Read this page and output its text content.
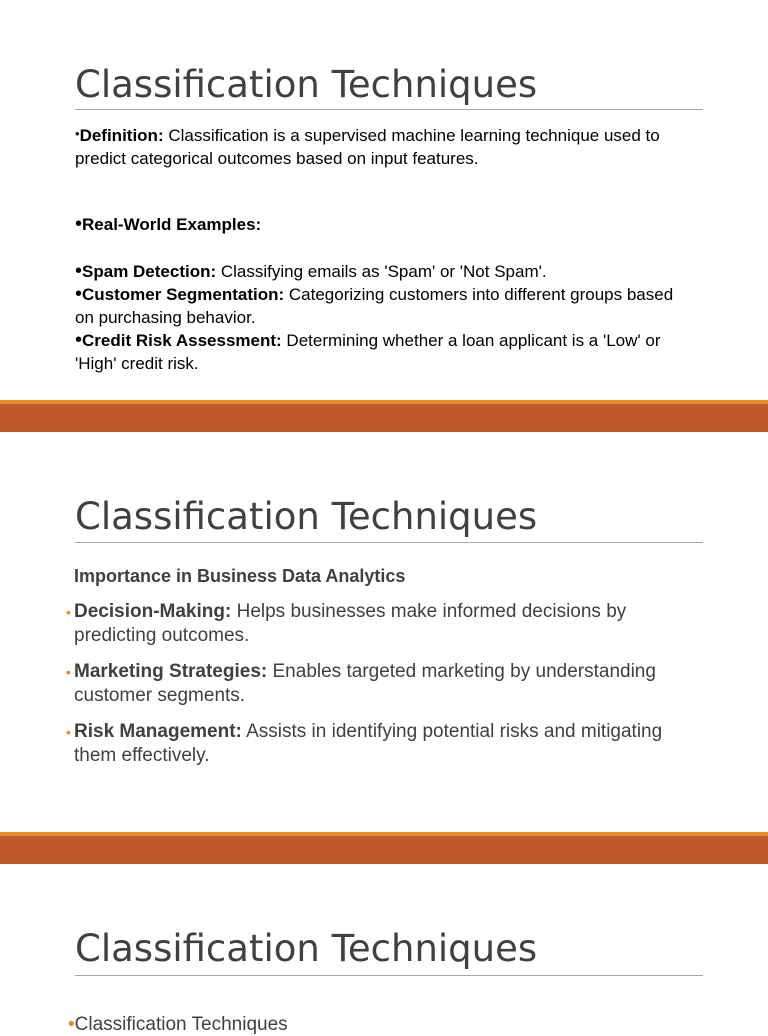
Classification Techniques
•Definition: Classification is a supervised machine learning technique used to predict categorical outcomes based on input features.
•Real-World Examples:
•Spam Detection: Classifying emails as 'Spam' or 'Not Spam'.
•Customer Segmentation: Categorizing customers into different groups based on purchasing behavior.
•Credit Risk Assessment: Determining whether a loan applicant is a 'Low' or 'High' credit risk.
Classification Techniques
Importance in Business Data Analytics
• Decision-Making: Helps businesses make informed decisions by predicting outcomes.
• Marketing Strategies: Enables targeted marketing by understanding customer segments.
• Risk Management: Assists in identifying potential risks and mitigating them effectively.
Classification Techniques
•Classification Techniques
